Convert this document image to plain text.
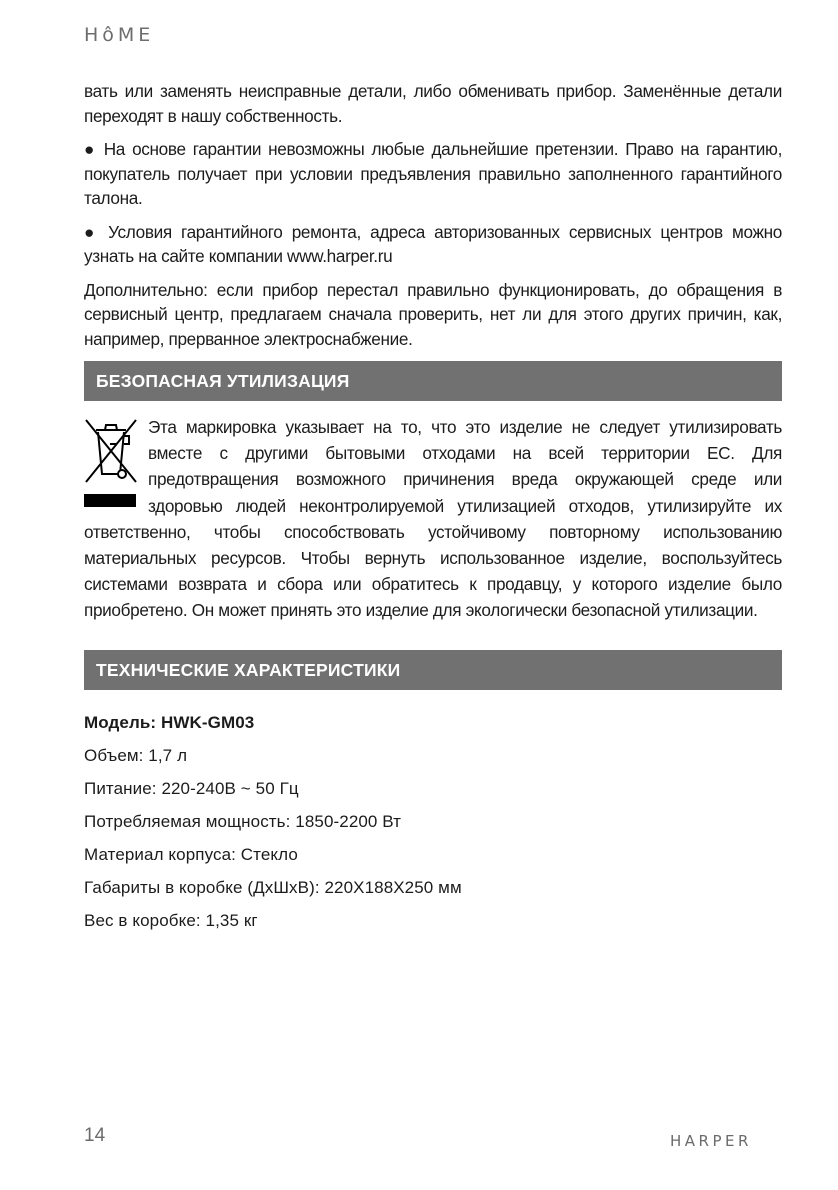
HôME

вать или заменять неисправные детали, либо обменивать прибор. Заменённые детали переходят в нашу собственность.

● На основе гарантии невозможны любые дальнейшие претензии. Право на гарантию, покупатель получает при условии предъявления правильно заполненного гарантийного талона.

● Условия гарантийного ремонта, адреса авторизованных сервисных центров можно узнать на сайте компании www.harper.ru

Дополнительно: если прибор перестал правильно функционировать, до обращения в сервисный центр, предлагаем сначала проверить, нет ли для этого других причин, как, например, прерванное электроснабжение.

БЕЗОПАСНАЯ УТИЛИЗАЦИЯ
Эта маркировка указывает на то, что это изделие не следует утилизировать вместе с другими бытовыми отходами на всей территории ЕС. Для предотвращения возможного причинения вреда окружающей среде или здоровью людей неконтролируемой утилизацией отходов, утилизируйте их ответственно, чтобы способствовать устойчивому повторному использованию материальных ресурсов. Чтобы вернуть использованное изделие, воспользуйтесь системами возврата и сбора или обратитесь к продавцу, у которого изделие было приобретено. Он может принять это изделие для экологически безопасной утилизации.
ТЕХНИЧЕСКИЕ ХАРАКТЕРИСТИКИ
Модель: HWK-GM03
Объем: 1,7 л
Питание: 220-240В ~ 50 Гц
Потребляемая мощность: 1850-2200 Вт
Материал корпуса: Стекло
Габариты в коробке (ДхШхВ): 220X188X250 мм
Вес в коробке: 1,35 кг
14	HARPER
